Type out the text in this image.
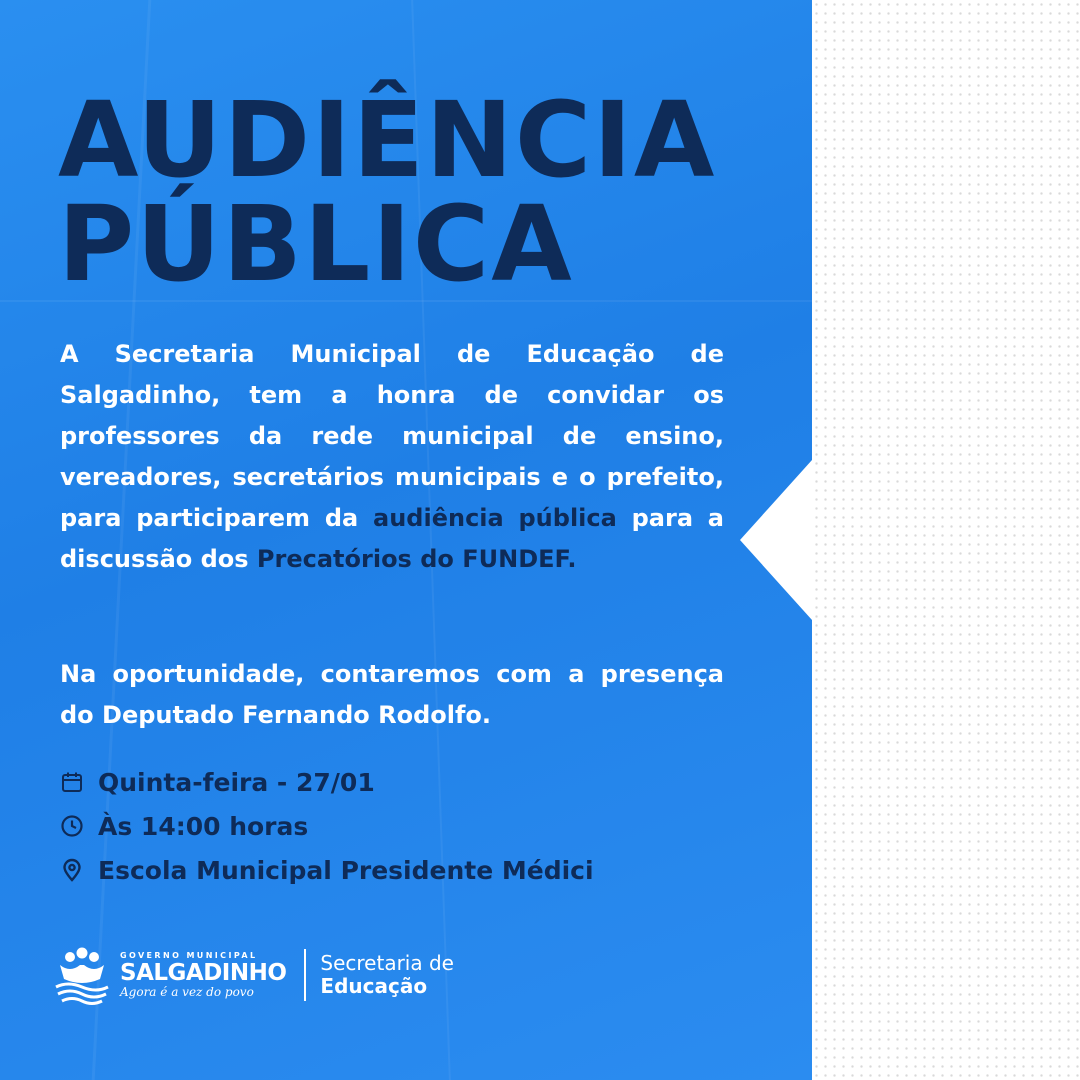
AUDIÊNCIA
PÚBLICA

A Secretaria Municipal de Educação de Salgadinho, tem a honra de convidar os professores da rede municipal de ensino, vereadores, secretários municipais e o prefeito, para participarem da audiência pública para a discussão dos Precatórios do FUNDEF.

Na oportunidade, contaremos com a presença do Deputado Fernando Rodolfo.

Quinta-feira - 27/01
Às 14:00 horas
Escola Municipal Presidente Médici
GOVERNO MUNICIPAL
SALGADINHO
Agora é a vez do povo
Secretaria de
Educação
